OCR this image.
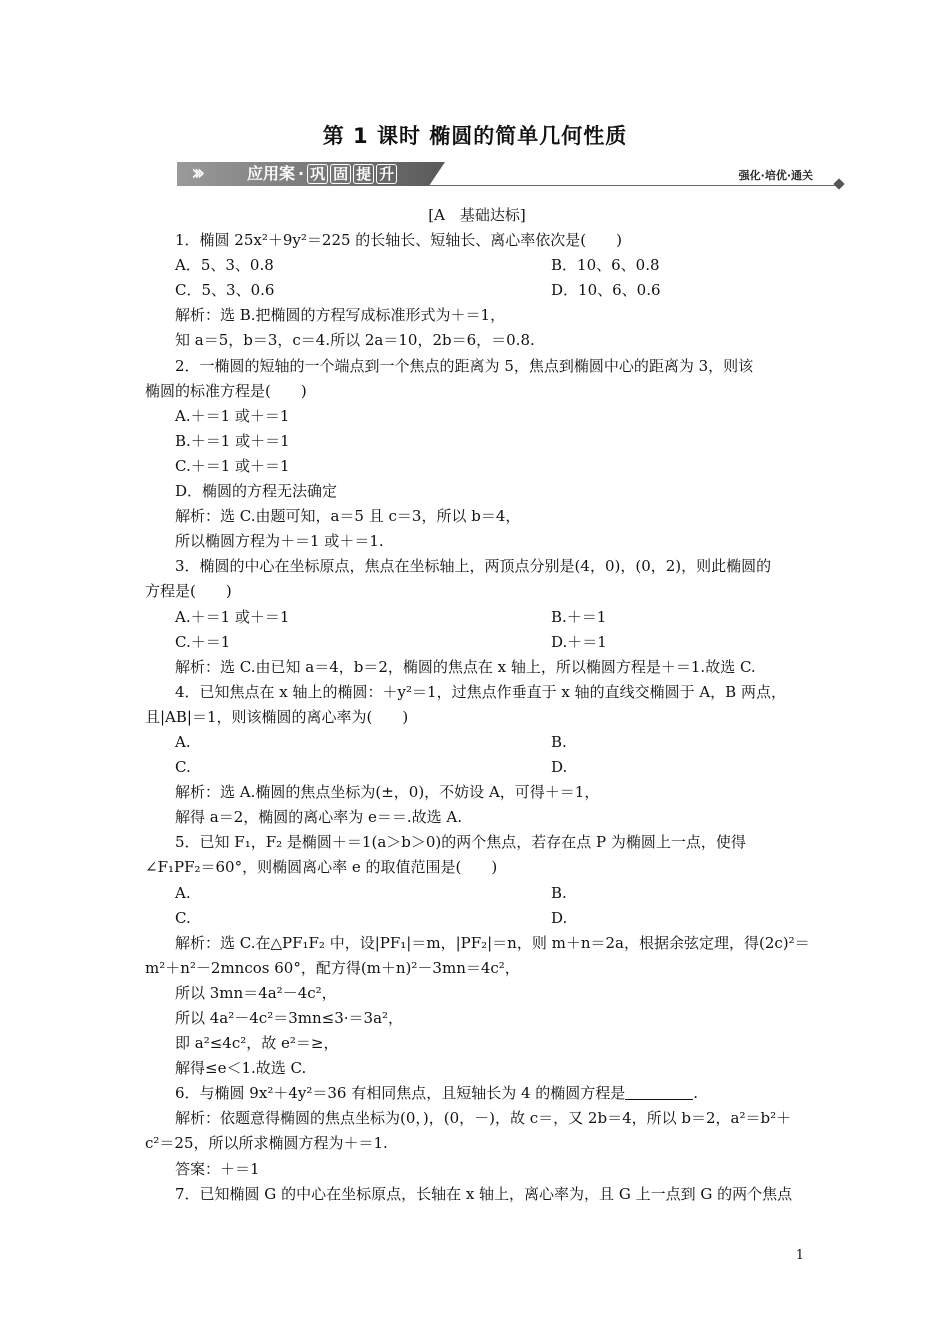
第 1 课时 椭圆的简单几何性质
›››	应用案 · 巩 固 提 升	强化·培优·通关
[A　基础达标]
1．椭圆 25x²＋9y²＝225 的长轴长、短轴长、离心率依次是(　　)
A．5、3、0.8	B．10、6、0.8
C．5、3、0.6	D．10、6、0.6
解析：选 B.把椭圆的方程写成标准形式为＋＝1，
知 a＝5，b＝3，c＝4.所以 2a＝10，2b＝6，＝0.8.
2．一椭圆的短轴的一个端点到一个焦点的距离为 5，焦点到椭圆中心的距离为 3，则该
椭圆的标准方程是(　　)
A.＋＝1 或＋＝1
B.＋＝1 或＋＝1
C.＋＝1 或＋＝1
D．椭圆的方程无法确定
解析：选 C.由题可知，a＝5 且 c＝3，所以 b＝4，
所以椭圆方程为＋＝1 或＋＝1.
3．椭圆的中心在坐标原点，焦点在坐标轴上，两顶点分别是(4，0)，(0，2)，则此椭圆的
方程是(　　)
A.＋＝1 或＋＝1	B.＋＝1
C.＋＝1	D.＋＝1
解析：选 C.由已知 a＝4，b＝2，椭圆的焦点在 x 轴上，所以椭圆方程是＋＝1.故选 C.
4．已知焦点在 x 轴上的椭圆：＋y²＝1，过焦点作垂直于 x 轴的直线交椭圆于 A，B 两点，
且|AB|＝1，则该椭圆的离心率为(　　)
A.	B.
C.	D.
解析：选 A.椭圆的焦点坐标为(±，0)，不妨设 A，可得＋＝1，
解得 a＝2，椭圆的离心率为 e＝＝.故选 A.
5．已知 F₁，F₂ 是椭圆＋＝1(a＞b＞0)的两个焦点，若存在点 P 为椭圆上一点，使得
∠F₁PF₂＝60°，则椭圆离心率 e 的取值范围是(　　)
A.	B.
C.	D.
解析：选 C.在△PF₁F₂ 中，设|PF₁|＝m，|PF₂|＝n，则 m＋n＝2a，根据余弦定理，得(2c)²＝
m²＋n²－2mncos 60°，配方得(m＋n)²－3mn＝4c²，
所以 3mn＝4a²－4c²，
所以 4a²－4c²＝3mn≤3·＝3a²，
即 a²≤4c²，故 e²＝≥，
解得≤e＜1.故选 C.
6．与椭圆 9x²＋4y²＝36 有相同焦点，且短轴长为 4 的椭圆方程是	.
解析：依题意得椭圆的焦点坐标为(0，)，(0，－)，故 c＝，又 2b＝4，所以 b＝2，a²＝b²＋
c²＝25，所以所求椭圆方程为＋＝1.
答案：＋＝1
7．已知椭圆 G 的中心在坐标原点，长轴在 x 轴上，离心率为，且 G 上一点到 G 的两个焦点
1
